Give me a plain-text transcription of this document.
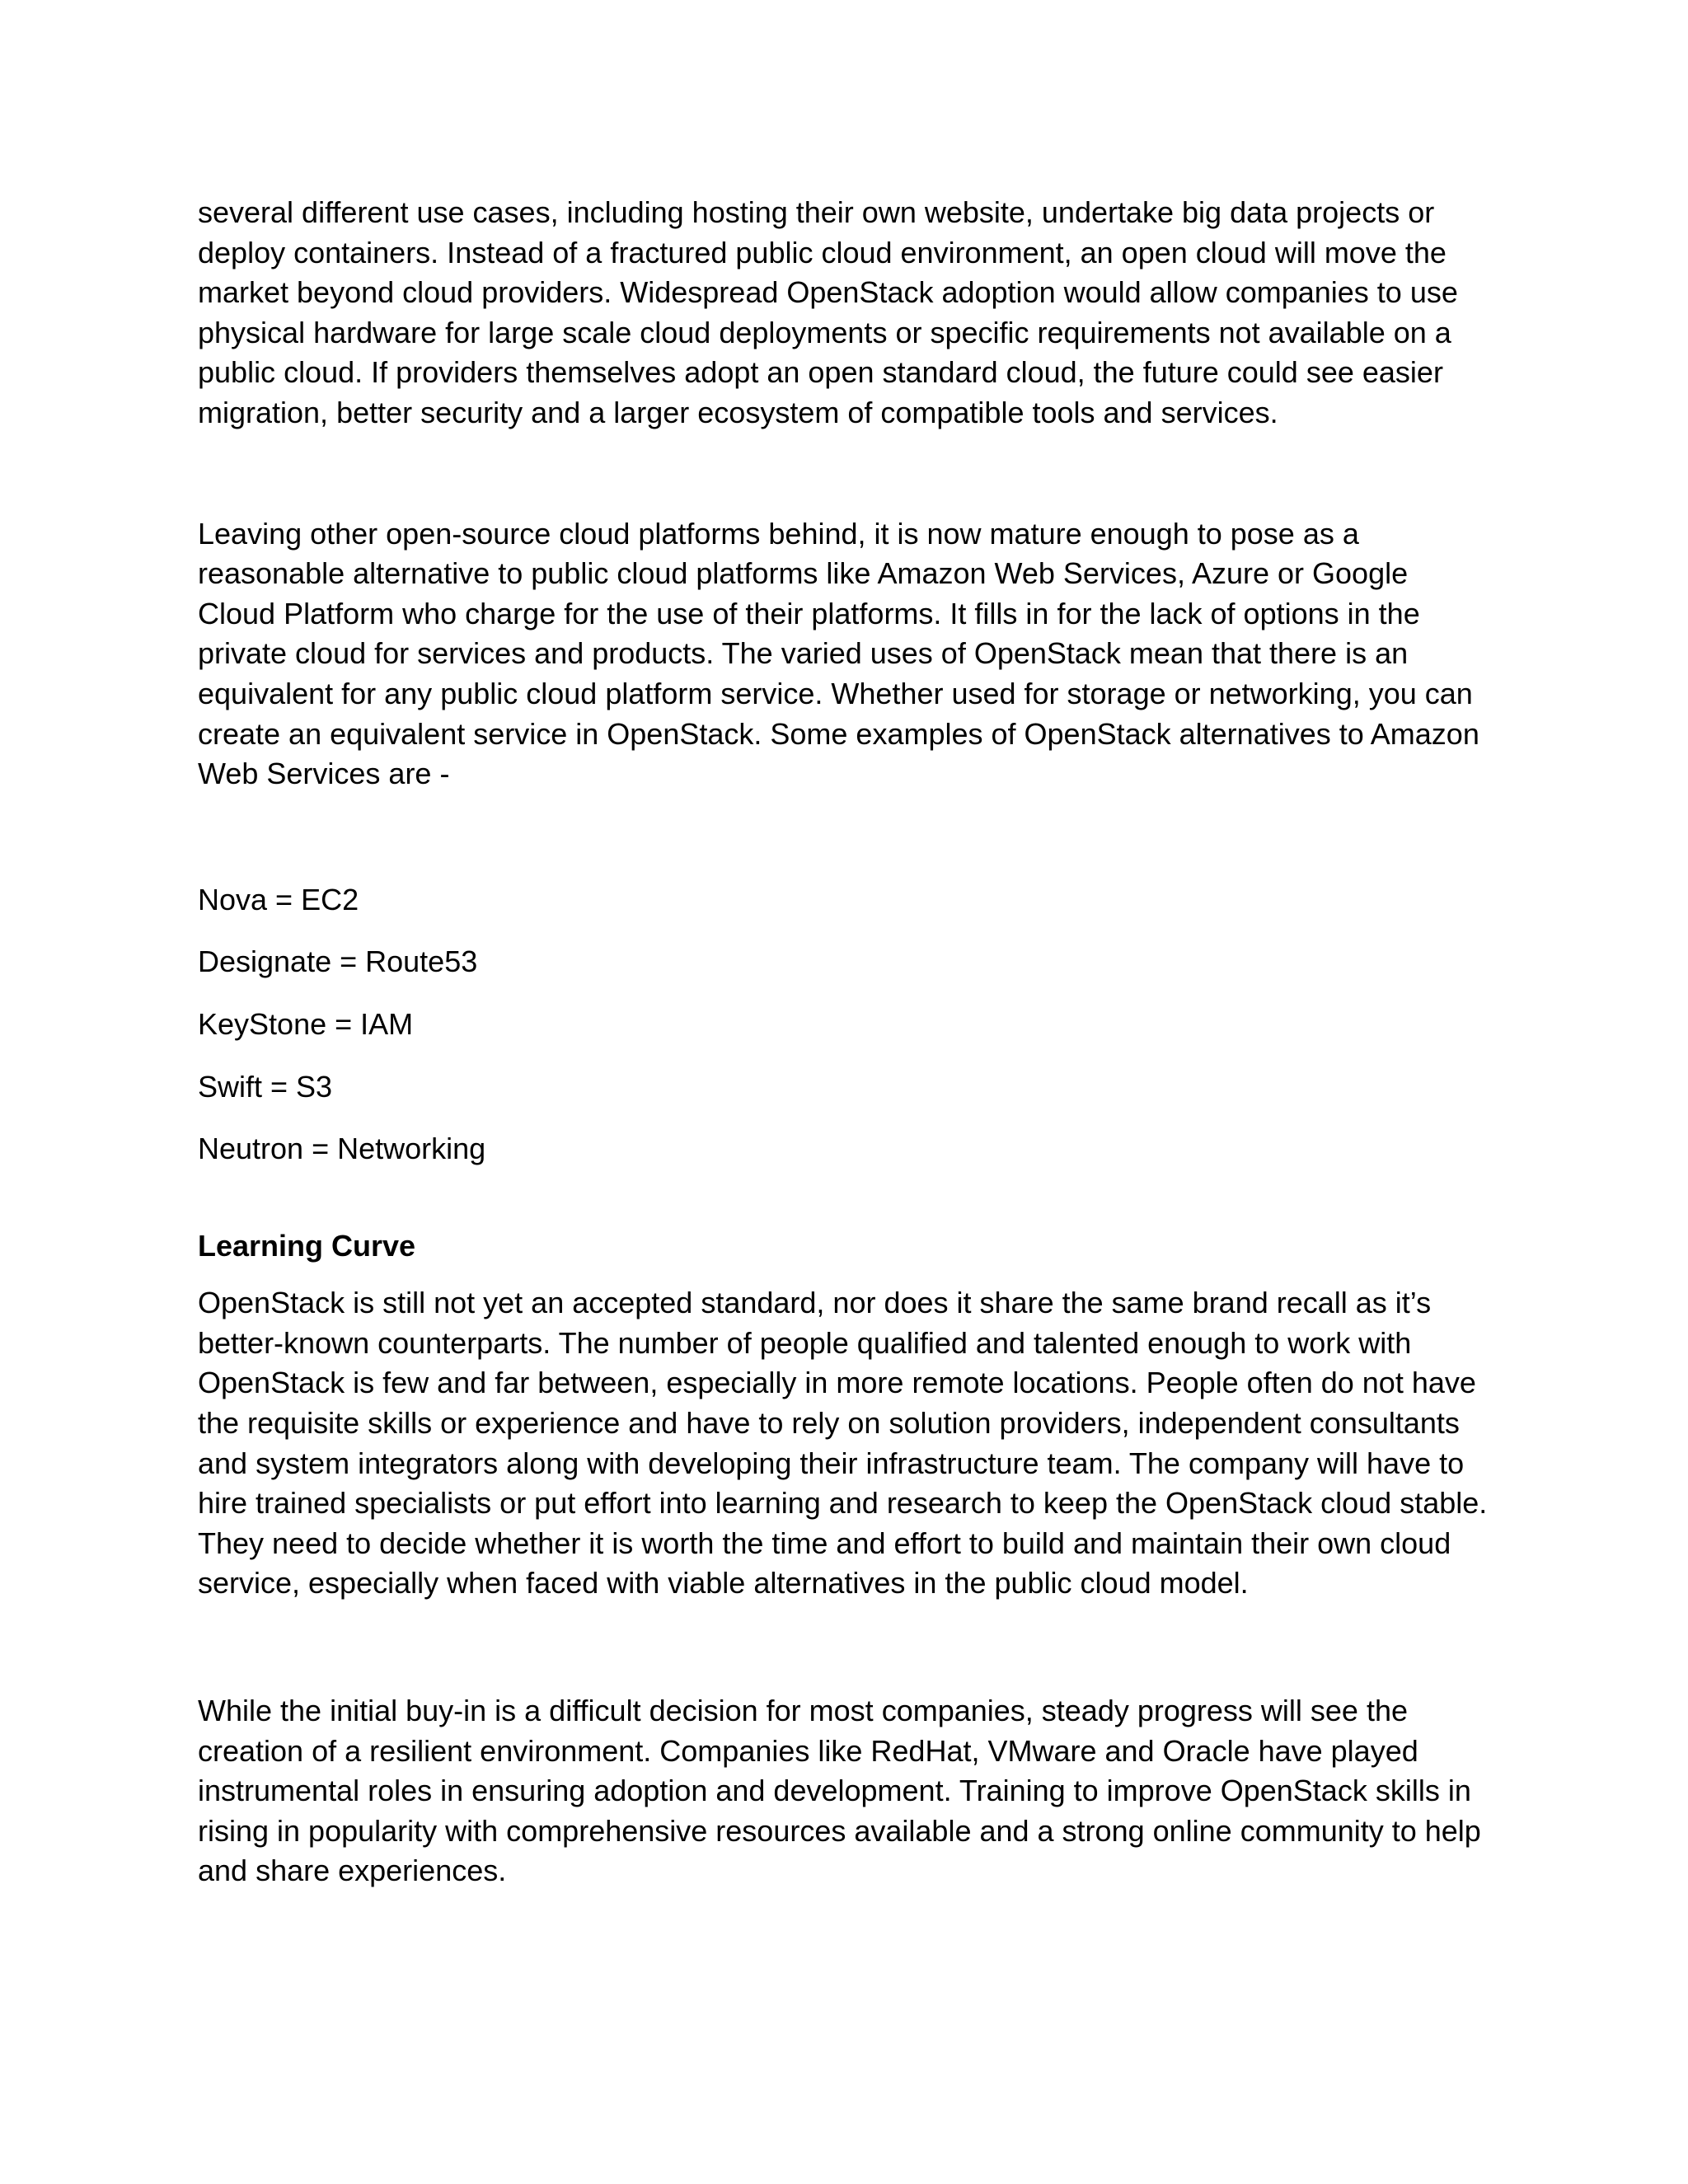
several different use cases, including hosting their own website, undertake big data projects or deploy containers. Instead of a fractured public cloud environment, an open cloud will move the market beyond cloud providers. Widespread OpenStack adoption would allow companies to use physical hardware for large scale cloud deployments or specific requirements not available on a public cloud. If providers themselves adopt an open standard cloud, the future could see easier migration, better security and a larger ecosystem of compatible tools and services.

Leaving other open-source cloud platforms behind, it is now mature enough to pose as a reasonable alternative to public cloud platforms like Amazon Web Services, Azure or Google Cloud Platform who charge for the use of their platforms. It fills in for the lack of options in the private cloud for services and products. The varied uses of OpenStack mean that there is an equivalent for any public cloud platform service. Whether used for storage or networking, you can create an equivalent service in OpenStack. Some examples of OpenStack alternatives to Amazon Web Services are -

Nova = EC2
Designate = Route53
KeyStone = IAM
Swift = S3
Neutron = Networking
Learning Curve

OpenStack is still not yet an accepted standard, nor does it share the same brand recall as it’s better-known counterparts. The number of people qualified and talented enough to work with OpenStack is few and far between, especially in more remote locations. People often do not have the requisite skills or experience and have to rely on solution providers, independent consultants and system integrators along with developing their infrastructure team. The company will have to hire trained specialists or put effort into learning and research to keep the OpenStack cloud stable. They need to decide whether it is worth the time and effort to build and maintain their own cloud service, especially when faced with viable alternatives in the public cloud model.

While the initial buy-in is a difficult decision for most companies, steady progress will see the creation of a resilient environment. Companies like RedHat, VMware and Oracle have played instrumental roles in ensuring adoption and development. Training to improve OpenStack skills in rising in popularity with comprehensive resources available and a strong online community to help and share experiences.
